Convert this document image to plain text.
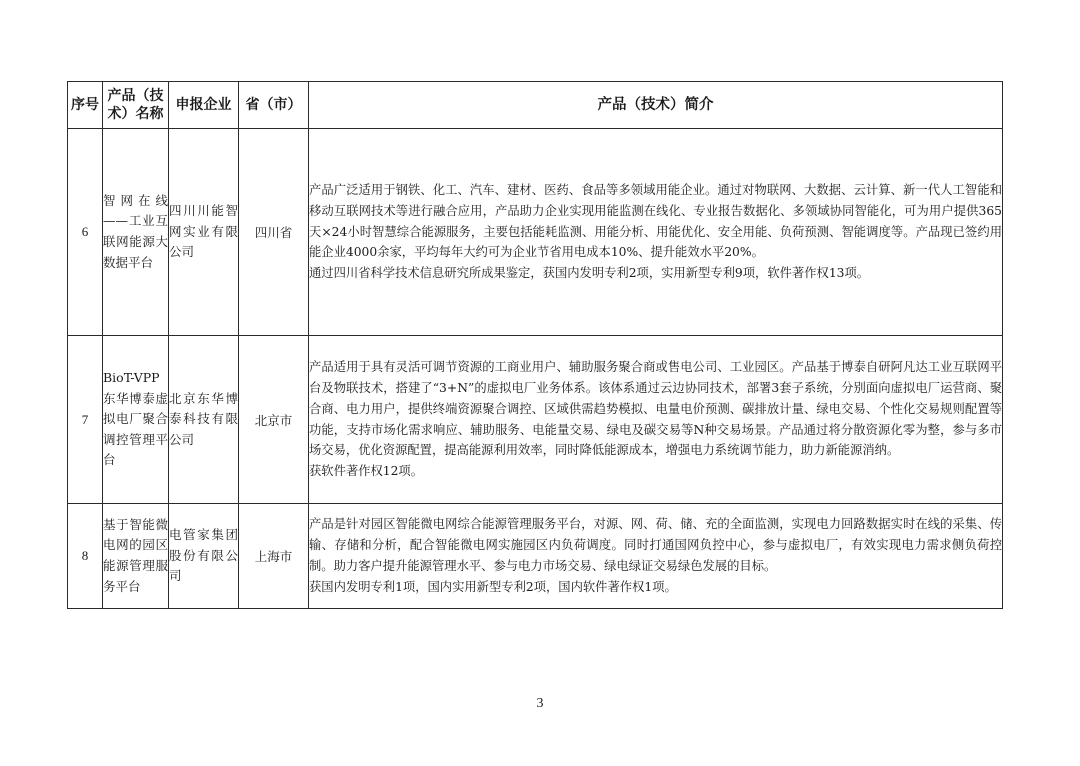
序号	产品（技术）名称	申报企业	省（市）	产品（技术）简介
6	智网在线——工业互联网能源大数据平台	四川川能智网实业有限公司	四川省	产品广泛适用于钢铁、化工、汽车、建材、医药、食品等多领域用能企业。通过对物联网、大数据、云计算、新一代人工智能和移动互联网技术等进行融合应用，产品助力企业实现用能监测在线化、专业报告数据化、多领域协同智能化，可为用户提供365天×24小时智慧综合能源服务，主要包括能耗监测、用能分析、用能优化、安全用能、负荷预测、智能调度等。产品现已签约用能企业4000余家，平均每年大约可为企业节省用电成本10%、提升能效水平20%。
通过四川省科学技术信息研究所成果鉴定，获国内发明专利2项，实用新型专利9项，软件著作权13项。

7	BioT-VPP东华博泰虚拟电厂聚合调控管理平台	北京东华博泰科技有限公司	北京市	产品适用于具有灵活可调节资源的工商业用户、辅助服务聚合商或售电公司、工业园区。产品基于博泰自研阿凡达工业互联网平台及物联技术，搭建了“3+N”的虚拟电厂业务体系。该体系通过云边协同技术，部署3套子系统，分别面向虚拟电厂运营商、聚合商、电力用户，提供终端资源聚合调控、区域供需趋势模拟、电量电价预测、碳排放计量、绿电交易、个性化交易规则配置等功能，支持市场化需求响应、辅助服务、电能量交易、绿电及碳交易等N种交易场景。产品通过将分散资源化零为整，参与多市场交易，优化资源配置，提高能源利用效率，同时降低能源成本，增强电力系统调节能力，助力新能源消纳。
获软件著作权12项。

8	基于智能微电网的园区能源管理服务平台	电管家集团股份有限公司	上海市	产品是针对园区智能微电网综合能源管理服务平台，对源、网、荷、储、充的全面监测，实现电力回路数据实时在线的采集、传输、存储和分析，配合智能微电网实施园区内负荷调度。同时打通国网负控中心，参与虚拟电厂，有效实现电力需求侧负荷控制。助力客户提升能源管理水平、参与电力市场交易、绿电绿证交易绿色发展的目标。
获国内发明专利1项，国内实用新型专利2项，国内软件著作权1项。
3
